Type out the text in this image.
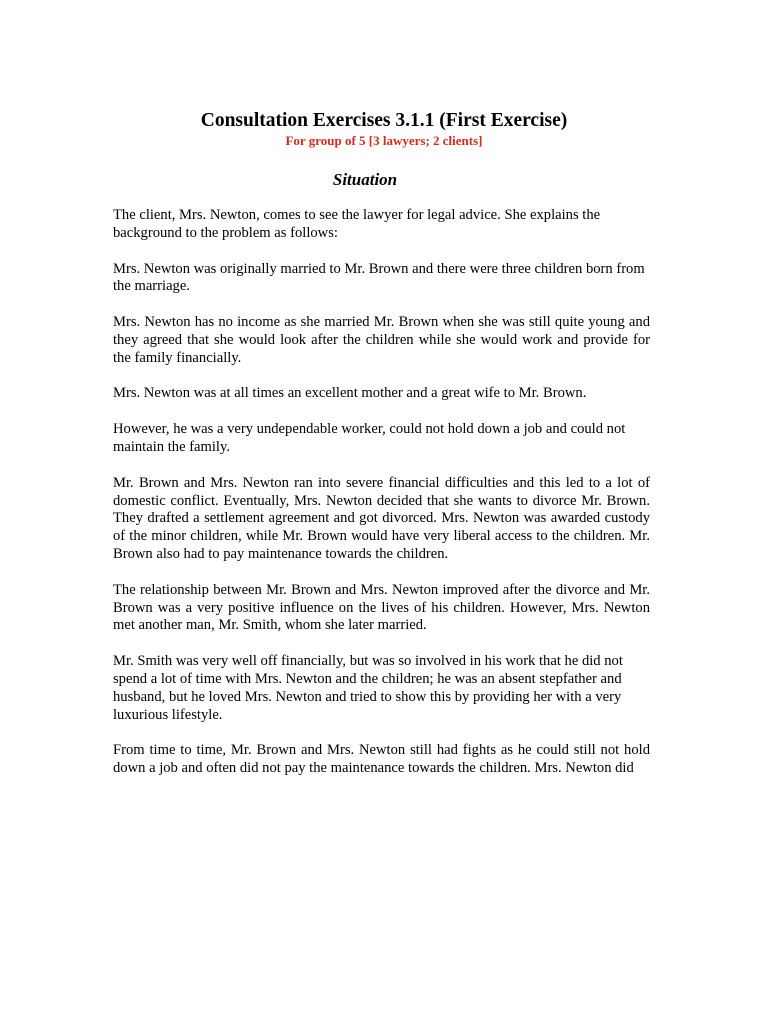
Consultation Exercises 3.1.1 (First Exercise)
For group of 5 [3 lawyers; 2 clients]
Situation

The client, Mrs. Newton, comes to see the lawyer for legal advice. She explains the background to the problem as follows:

Mrs. Newton was originally married to Mr. Brown and there were three children born from the marriage.

Mrs. Newton has no income as she married Mr. Brown when she was still quite young and they agreed that she would look after the children while she would work and provide for the family financially.

Mrs. Newton was at all times an excellent mother and a great wife to Mr. Brown.

However, he was a very undependable worker, could not hold down a job and could not maintain the family.

Mr. Brown and Mrs. Newton ran into severe financial difficulties and this led to a lot of domestic conflict. Eventually, Mrs. Newton decided that she wants to divorce Mr. Brown. They drafted a settlement agreement and got divorced. Mrs. Newton was awarded custody of the minor children, while Mr. Brown would have very liberal access to the children. Mr. Brown also had to pay maintenance towards the children.

The relationship between Mr. Brown and Mrs. Newton improved after the divorce and Mr. Brown was a very positive influence on the lives of his children. However, Mrs. Newton met another man, Mr. Smith, whom she later married.

Mr. Smith was very well off financially, but was so involved in his work that he did not spend a lot of time with Mrs. Newton and the children; he was an absent stepfather and husband, but he loved Mrs. Newton and tried to show this by providing her with a very luxurious lifestyle.

From time to time, Mr. Brown and Mrs. Newton still had fights as he could still not hold down a job and often did not pay the maintenance towards the children. Mrs. Newton did
